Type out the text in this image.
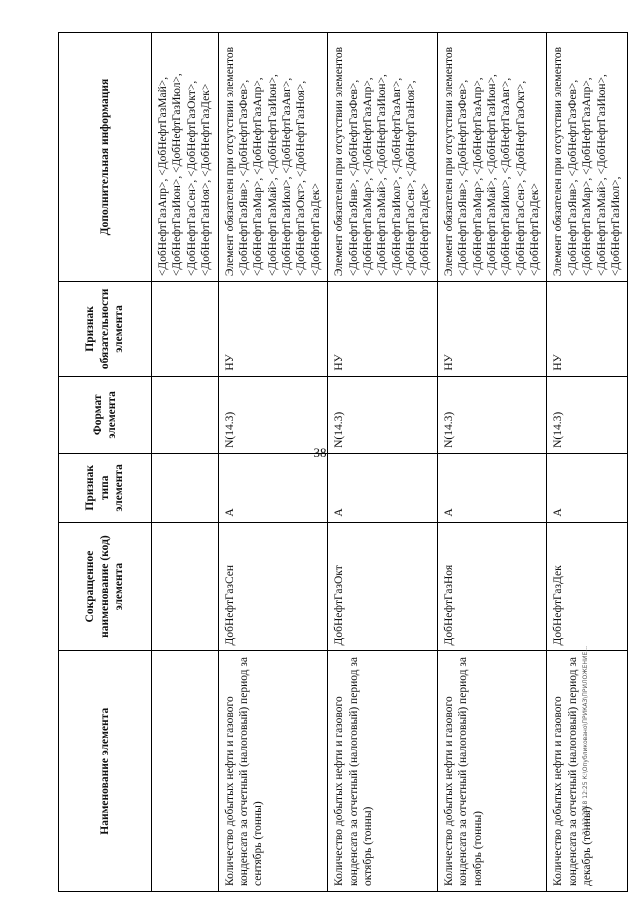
38
Наименование элемента	Сокращенное наименование (код) элемента	Признак типа элемента	Формат элемента	Признак обязательности элемента	Дополнительная информация
					<ДобНефтГазАпр>, <ДобНефтГазМай>, <ДобНефтГазИюн>, <ДобНефтГазИюл>, <ДобНефтГазСен>, <ДобНефтГазОкт>, <ДобНефтГазНоя>, <ДобНефтГазДек>
Количество добытых нефти и газового конденсата за отчетный (налоговый) период за сентябрь (тонны)	ДобНефтГазСен	А	N(14.3)	НУ	Элемент обязателен при отсутствии элементов <ДобНефтГазЯнв>, <ДобНефтГазФев>, <ДобНефтГазМар>, <ДобНефтГазАпр>, <ДобНефтГазМай>, <ДобНефтГазИюн>, <ДобНефтГазИюл>, <ДобНефтГазАвг>, <ДобНефтГазОкт>, <ДобНефтГазНоя>, <ДобНефтГазДек>
Количество добытых нефти и газового конденсата за отчетный (налоговый) период за октябрь (тонны)	ДобНефтГазОкт	А	N(14.3)	НУ	Элемент обязателен при отсутствии элементов <ДобНефтГазЯнв>, <ДобНефтГазФев>, <ДобНефтГазМар>, <ДобНефтГазАпр>, <ДобНефтГазМай>, <ДобНефтГазИюн>, <ДобНефтГазИюл>, <ДобНефтГазАвг>, <ДобНефтГазСен>, <ДобНефтГазНоя>, <ДобНефтГазДек>
Количество добытых нефти и газового конденсата за отчетный (налоговый) период за ноябрь (тонны)	ДобНефтГазНоя	А	N(14.3)	НУ	Элемент обязателен при отсутствии элементов <ДобНефтГазЯнв>, <ДобНефтГазФев>, <ДобНефтГазМар>, <ДобНефтГазАпр>, <ДобНефтГазМай>, <ДобНефтГазИюн>, <ДобНефтГазИюл>, <ДобНефтГазАвг>, <ДобНефтГазСен>, <ДобНефтГазОкт>, <ДобНефтГазДек>
Количество добытых нефти и газового конденсата за отчетный (налоговый) период за декабрь (тонны)	ДобНефтГазДек	А	N(14.3)	НУ	Элемент обязателен при отсутствии элементов <ДобНефтГазЯнв>, <ДобНефтГазФев>, <ДобНефтГазМар>, <ДобНефтГазАпр>, <ДобНефтГазМай>, <ДобНефтГазИюн>, <ДобНефтГазИюл>,
31.12.2018 12:25 К:\Опубликовано\ПРИКАЗ\ПРИЛОЖЕНИЕ...
